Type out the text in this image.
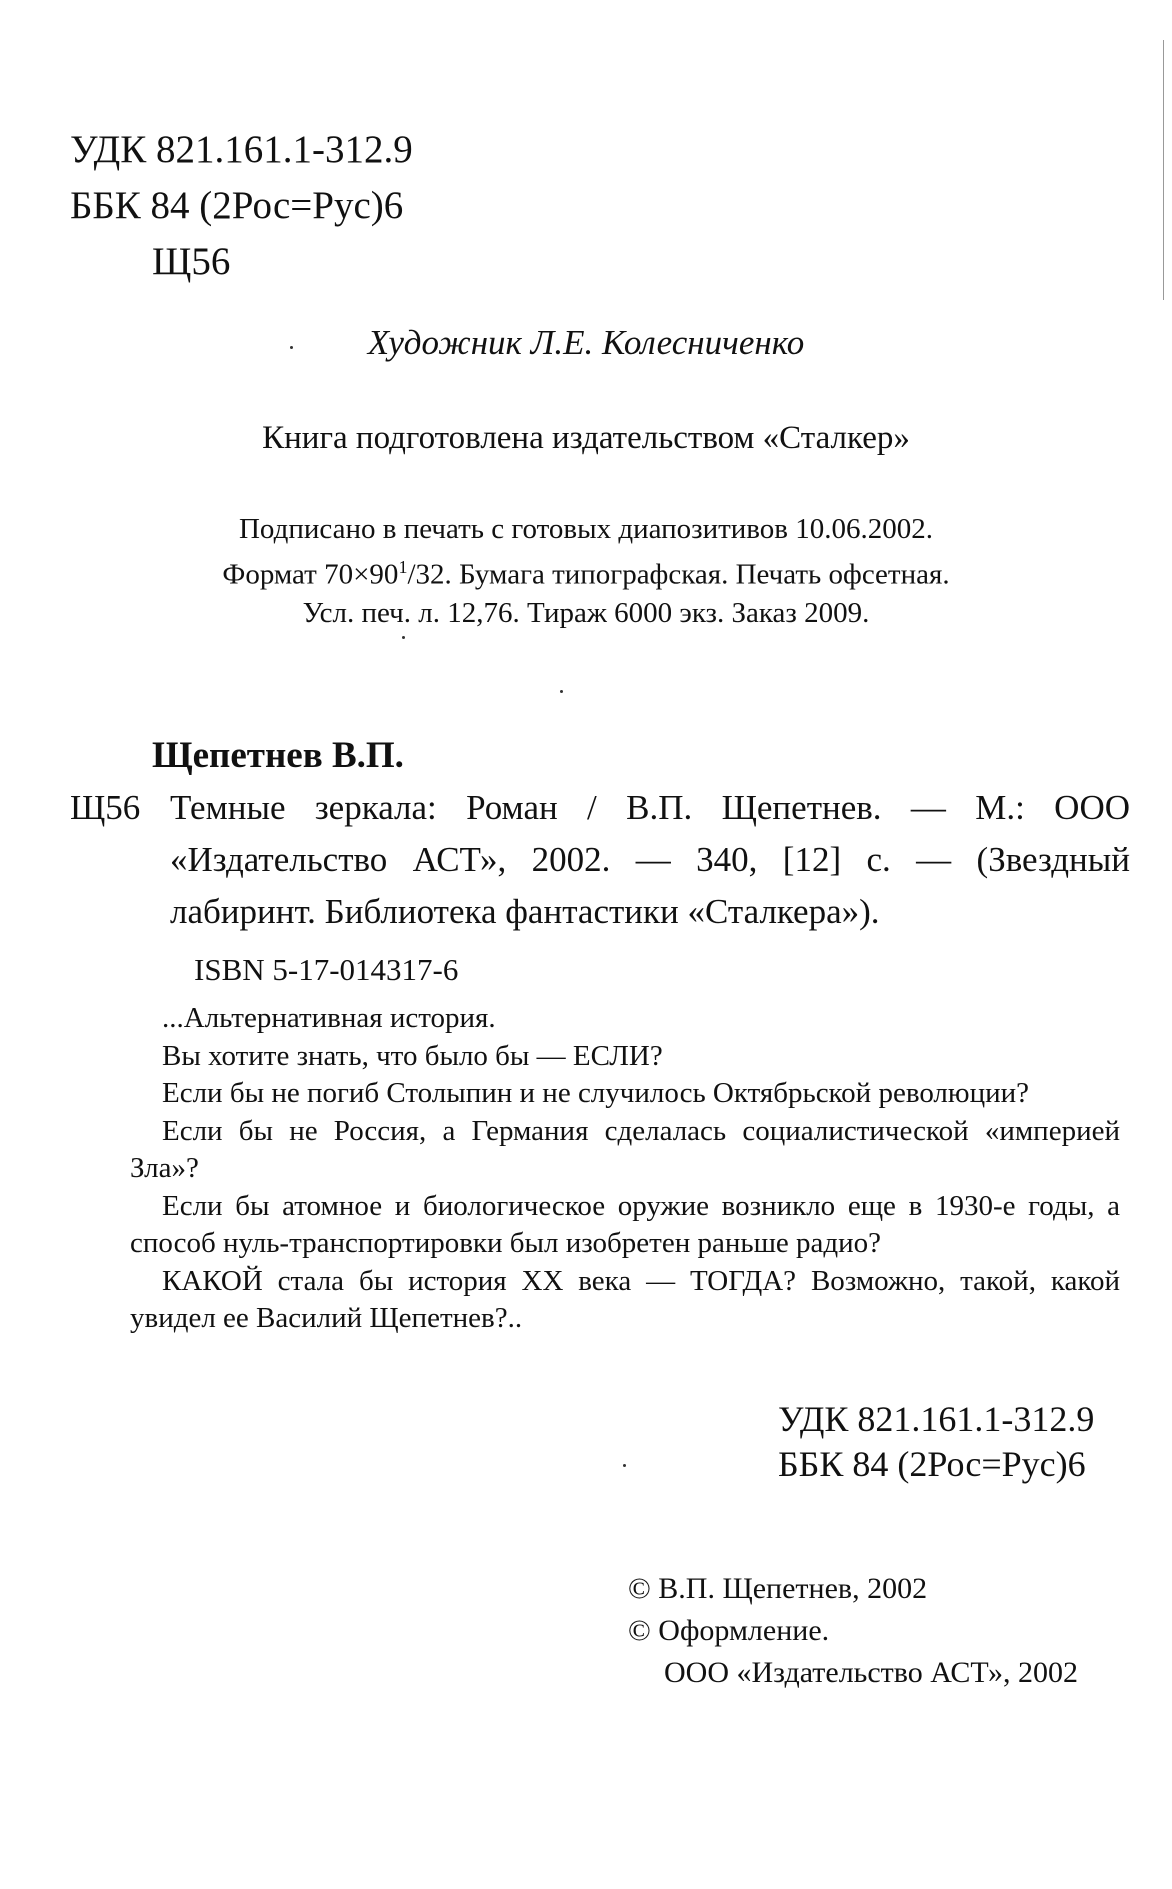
УДК 821.161.1-312.9
ББК 84 (2Рос=Рус)6
Щ56
Художник Л.Е. Колесниченко
Книга подготовлена издательством «Сталкер»
Подписано в печать с готовых диапозитивов 10.06.2002.
Формат $70\times 90^1/32$. Бумага типографская. Печать офсетная.
Усл. печ. л. 12,76. Тираж 6000 экз. Заказ 2009.
Щепетнев В.П.
Щ56 Темные зеркала: Роман / В.П. Щепетнев. — М.: ООО «Издательство АСТ», 2002. — 340, [12] с. — (Звездный лабиринт. Библиотека фантастики «Сталкера»).
ISBN 5-17-014317-6

...Альтернативная история.

Вы хотите знать, что было бы — ЕСЛИ?

Если бы не погиб Столыпин и не случилось Октябрьской революции?

Если бы не Россия, а Германия сделалась социалистической «империей Зла»?

Если бы атомное и биологическое оружие возникло еще в 1930-е годы, а способ нуль-транспортировки был изобретен раньше радио?

КАКОЙ стала бы история XX века — ТОГДА? Возможно, такой, какой увидел ее Василий Щепетнев?..

УДК 821.161.1-312.9
ББК 84 (2Рос=Рус)6
© В.П. Щепетнев, 2002
© Оформление.
ООО «Издательство АСТ», 2002
